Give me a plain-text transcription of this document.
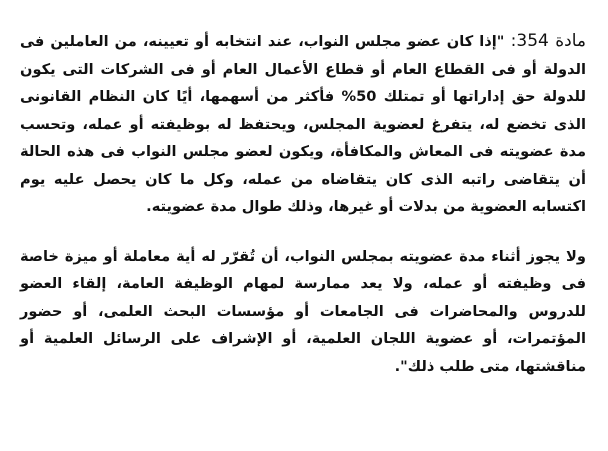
مادة 354: "إذا كان عضو مجلس النواب، عند انتخابه أو تعيينه، من العاملين فى الدولة أو فى القطاع العام أو قطاع الأعمال العام أو فى الشركات التى يكون للدولة حق إداراتها أو تمتلك 50% فأكثر من أسهمها، أيًا كان النظام القانونى الذى تخضع له، يتفرغ لعضوية المجلس، ويحتفظ له بوظيفته أو عمله، وتحسب مدة عضويته فى المعاش والمكافأة، ويكون لعضو مجلس النواب فى هذه الحالة أن يتقاضى راتبه الذى كان يتقاضاه من عمله، وكل ما كان يحصل عليه يوم اكتسابه العضوية من بدلات أو غيرها، وذلك طوال مدة عضويته.

ولا يجوز أثناء مدة عضويته بمجلس النواب، أن تُقرّر له أية معاملة أو ميزة خاصة فى وظيفته أو عمله، ولا يعد ممارسة لمهام الوظيفة العامة، إلقاء العضو للدروس والمحاضرات فى الجامعات أو مؤسسات البحث العلمى، أو حضور المؤتمرات، أو عضوية اللجان العلمية، أو الإشراف على الرسائل العلمية أو مناقشتها، متى طلب ذلك".
